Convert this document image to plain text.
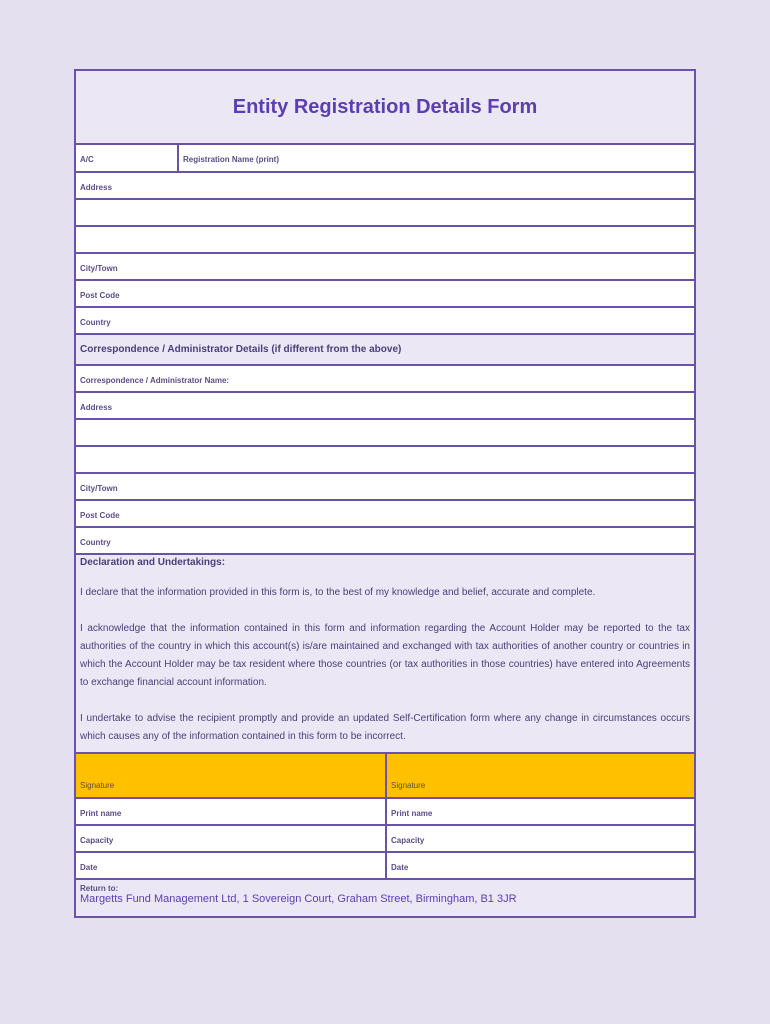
Entity Registration Details Form
A/C	Registration Name (print)
Address
City/Town
Post Code
Country
Correspondence / Administrator Details (if different from the above)
Correspondence / Administrator Name:
Address
City/Town
Post Code
Country
Declaration and Undertakings:

I declare that the information provided in this form is, to the best of my knowledge and belief, accurate and complete.

I acknowledge that the information contained in this form and information regarding the Account Holder may be reported to the tax authorities of the country in which this account(s) is/are maintained and exchanged with tax authorities of another country or countries in which the Account Holder may be tax resident where those countries (or tax authorities in those countries) have entered into Agreements to exchange financial account information.

I undertake to advise the recipient promptly and provide an updated Self-Certification form where any change in circumstances occurs which causes any of the information contained in this form to be incorrect.

Signature	Signature
Print name	Print name
Capacity	Capacity
Date	Date
Return to:
Margetts Fund Management Ltd, 1 Sovereign Court, Graham Street, Birmingham, B1 3JR
